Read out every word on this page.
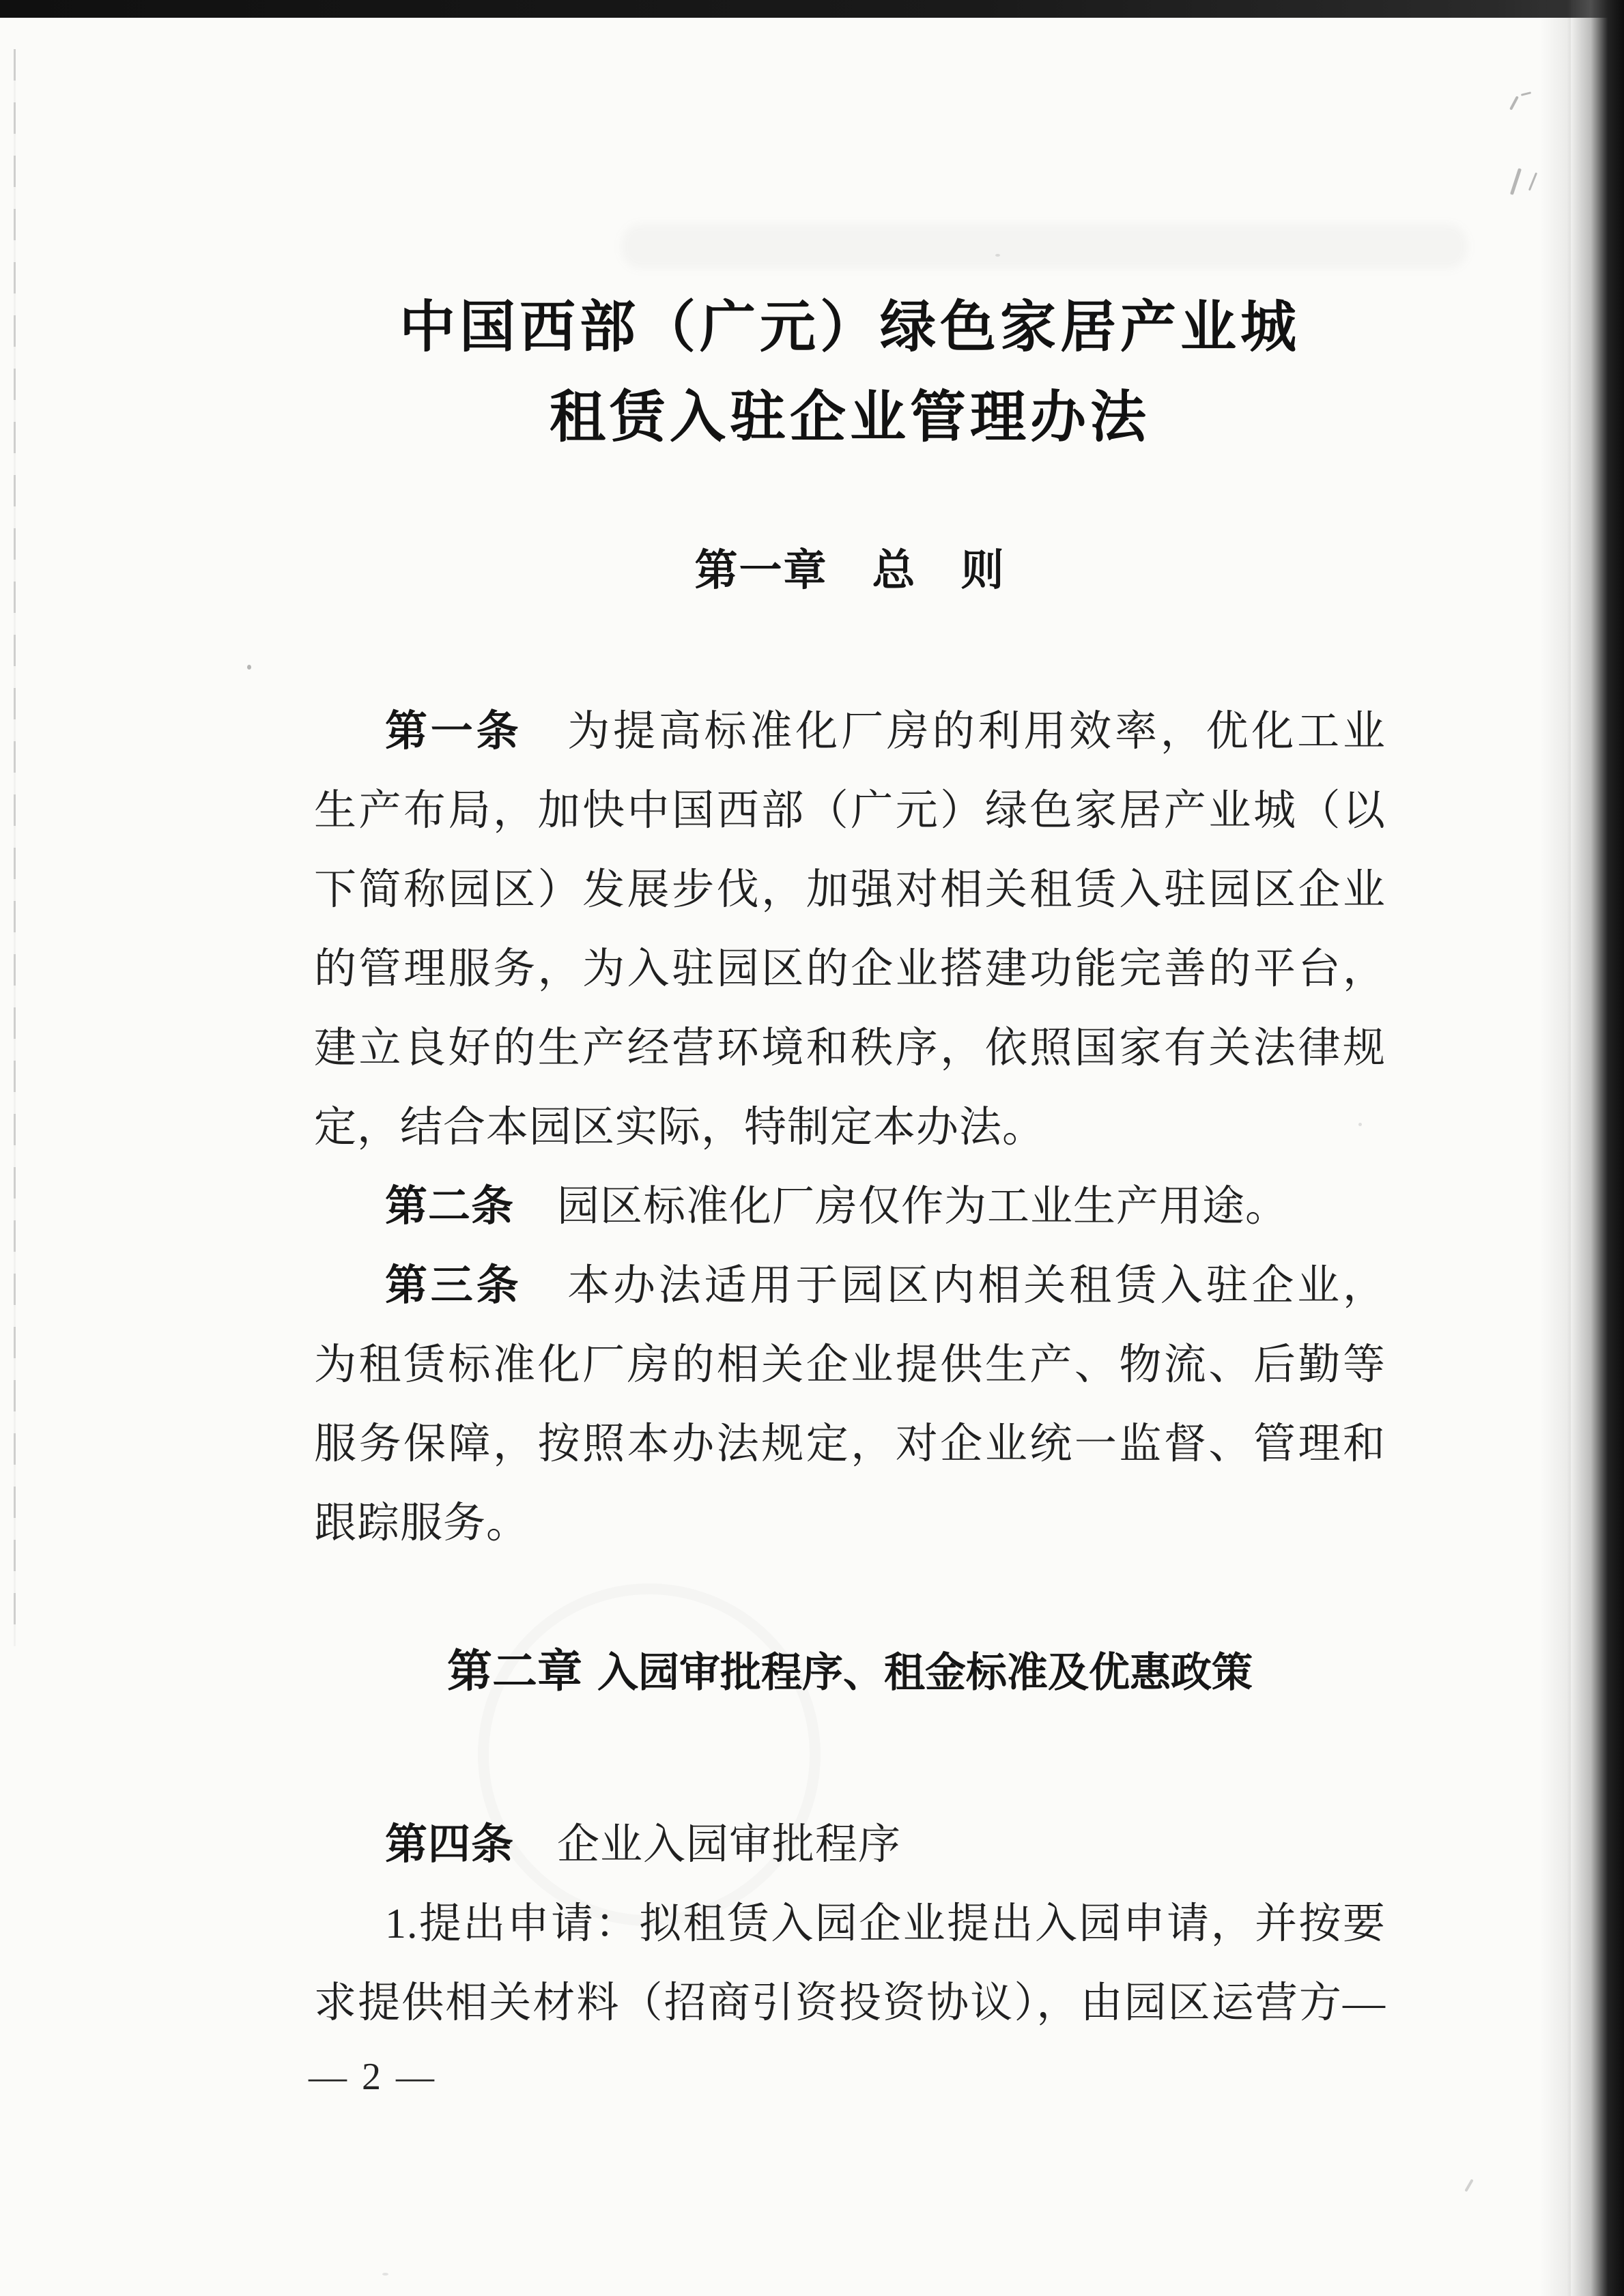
中国西部（广元）绿色家居产业城
租赁入驻企业管理办法
第一章　总　则
第一条　为提高标准化厂房的利用效率，优化工业
生产布局，加快中国西部（广元）绿色家居产业城（以
下简称园区）发展步伐，加强对相关租赁入驻园区企业
的管理服务，为入驻园区的企业搭建功能完善的平台，
建立良好的生产经营环境和秩序，依照国家有关法律规
定，结合本园区实际，特制定本办法。
第二条　园区标准化厂房仅作为工业生产用途。
第三条　本办法适用于园区内相关租赁入驻企业，
为租赁标准化厂房的相关企业提供生产、物流、后勤等
服务保障，按照本办法规定，对企业统一监督、管理和
跟踪服务。
第二章 入园审批程序、租金标准及优惠政策
第四条　企业入园审批程序
1.提出申请：拟租赁入园企业提出入园申请，并按要
求提供相关材料（招商引资投资协议），由园区运营方—
— 2 —
